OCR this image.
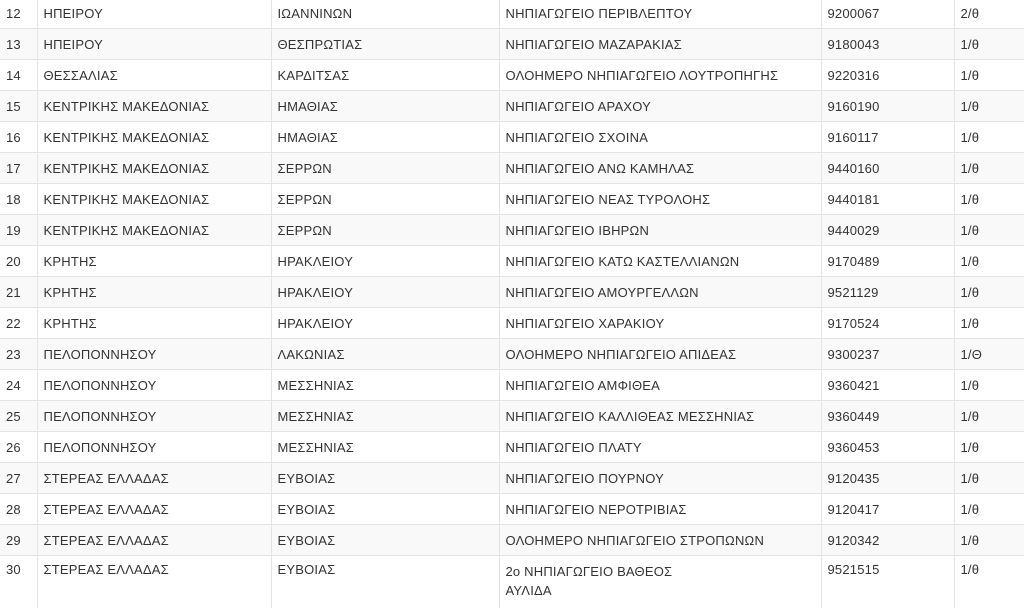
12	ΗΠΕΙΡΟΥ	ΙΩΑΝΝΙΝΩΝ	ΝΗΠΙΑΓΩΓΕΙΟ ΠΕΡΙΒΛΕΠΤΟΥ	9200067	2/θ
13	ΗΠΕΙΡΟΥ	ΘΕΣΠΡΩΤΙΑΣ	ΝΗΠΙΑΓΩΓΕΙΟ ΜΑΖΑΡΑΚΙΑΣ	9180043	1/θ
14	ΘΕΣΣΑΛΙΑΣ	ΚΑΡΔΙΤΣΑΣ	ΟΛΟΗΜΕΡΟ ΝΗΠΙΑΓΩΓΕΙΟ ΛΟΥΤΡΟΠΗΓΗΣ	9220316	1/θ
15	ΚΕΝΤΡΙΚΗΣ ΜΑΚΕΔΟΝΙΑΣ	ΗΜΑΘΙΑΣ	ΝΗΠΙΑΓΩΓΕΙΟ ΑΡΑΧΟΥ	9160190	1/θ
16	ΚΕΝΤΡΙΚΗΣ ΜΑΚΕΔΟΝΙΑΣ	ΗΜΑΘΙΑΣ	ΝΗΠΙΑΓΩΓΕΙΟ ΣΧΟΙΝΑ	9160117	1/θ
17	ΚΕΝΤΡΙΚΗΣ ΜΑΚΕΔΟΝΙΑΣ	ΣΕΡΡΩΝ	ΝΗΠΙΑΓΩΓΕΙΟ ΑΝΩ ΚΑΜΗΛΑΣ	9440160	1/θ
18	ΚΕΝΤΡΙΚΗΣ ΜΑΚΕΔΟΝΙΑΣ	ΣΕΡΡΩΝ	ΝΗΠΙΑΓΩΓΕΙΟ ΝΕΑΣ ΤΥΡΟΛΟΗΣ	9440181	1/θ
19	ΚΕΝΤΡΙΚΗΣ ΜΑΚΕΔΟΝΙΑΣ	ΣΕΡΡΩΝ	ΝΗΠΙΑΓΩΓΕΙΟ ΙΒΗΡΩΝ	9440029	1/θ
20	ΚΡΗΤΗΣ	ΗΡΑΚΛΕΙΟΥ	ΝΗΠΙΑΓΩΓΕΙΟ ΚΑΤΩ ΚΑΣΤΕΛΛΙΑΝΩΝ	9170489	1/θ
21	ΚΡΗΤΗΣ	ΗΡΑΚΛΕΙΟΥ	ΝΗΠΙΑΓΩΓΕΙΟ ΑΜΟΥΡΓΕΛΛΩΝ	9521129	1/θ
22	ΚΡΗΤΗΣ	ΗΡΑΚΛΕΙΟΥ	ΝΗΠΙΑΓΩΓΕΙΟ ΧΑΡΑΚΙΟΥ	9170524	1/θ
23	ΠΕΛΟΠΟΝΝΗΣΟΥ	ΛΑΚΩΝΙΑΣ	ΟΛΟΗΜΕΡΟ ΝΗΠΙΑΓΩΓΕΙΟ ΑΠΙΔΕΑΣ	9300237	1/Θ
24	ΠΕΛΟΠΟΝΝΗΣΟΥ	ΜΕΣΣΗΝΙΑΣ	ΝΗΠΙΑΓΩΓΕΙΟ ΑΜΦΙΘΕΑ	9360421	1/θ
25	ΠΕΛΟΠΟΝΝΗΣΟΥ	ΜΕΣΣΗΝΙΑΣ	ΝΗΠΙΑΓΩΓΕΙΟ ΚΑΛΛΙΘΕΑΣ ΜΕΣΣΗΝΙΑΣ	9360449	1/θ
26	ΠΕΛΟΠΟΝΝΗΣΟΥ	ΜΕΣΣΗΝΙΑΣ	ΝΗΠΙΑΓΩΓΕΙΟ ΠΛΑΤΥ	9360453	1/θ
27	ΣΤΕΡΕΑΣ ΕΛΛΑΔΑΣ	ΕΥΒΟΙΑΣ	ΝΗΠΙΑΓΩΓΕΙΟ ΠΟΥΡΝΟΥ	9120435	1/θ
28	ΣΤΕΡΕΑΣ ΕΛΛΑΔΑΣ	ΕΥΒΟΙΑΣ	ΝΗΠΙΑΓΩΓΕΙΟ ΝΕΡΟΤΡΙΒΙΑΣ	9120417	1/θ
29	ΣΤΕΡΕΑΣ ΕΛΛΑΔΑΣ	ΕΥΒΟΙΑΣ	ΟΛΟΗΜΕΡΟ ΝΗΠΙΑΓΩΓΕΙΟ ΣΤΡΟΠΩΝΩΝ	9120342	1/θ
30	ΣΤΕΡΕΑΣ ΕΛΛΑΔΑΣ	ΕΥΒΟΙΑΣ	2ο ΝΗΠΙΑΓΩΓΕΙΟ ΒΑΘΕΟΣ ΑΥΛΙΔΑ	9521515	1/θ
